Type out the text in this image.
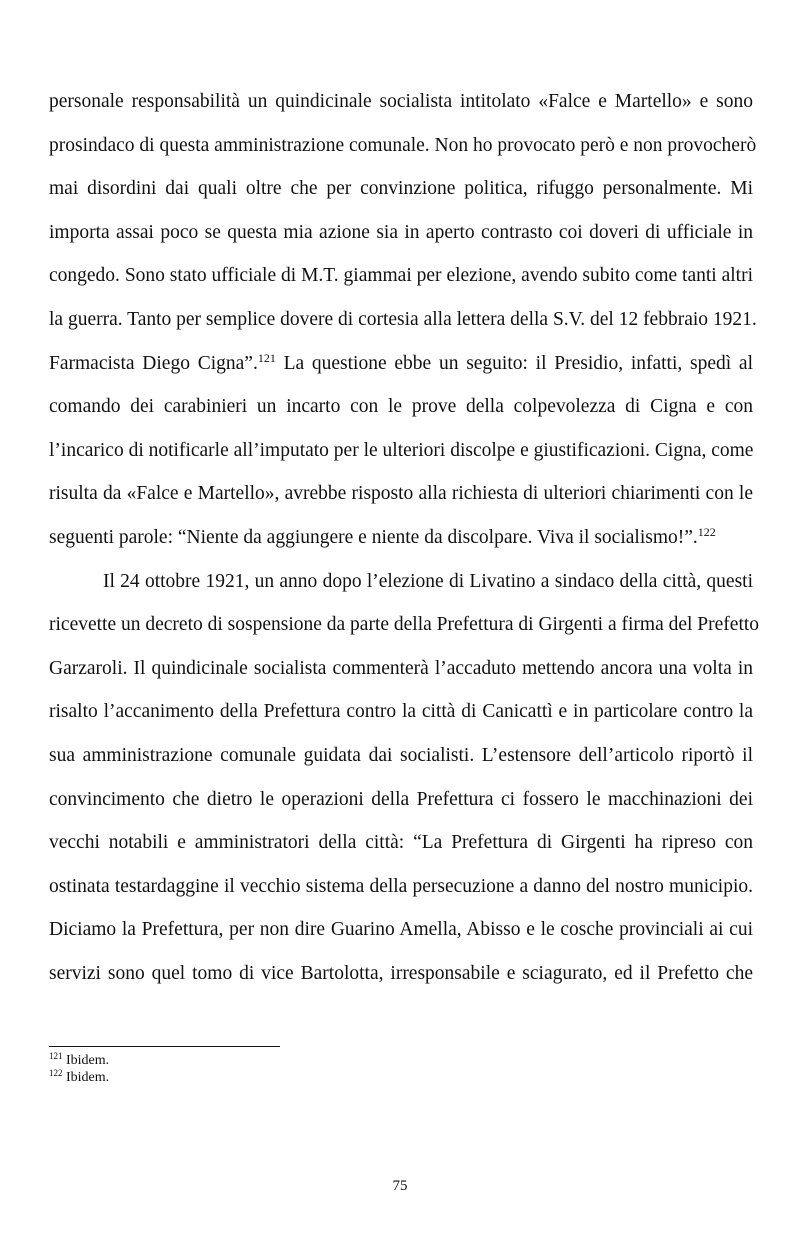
personale responsabilità un quindicinale socialista intitolato «Falce e Martello» e sono
prosindaco di questa amministrazione comunale. Non ho provocato però e non provocherò
mai disordini dai quali oltre che per convinzione politica, rifuggo personalmente. Mi
importa assai poco se questa mia azione sia in aperto contrasto coi doveri di ufficiale in
congedo. Sono stato ufficiale di M.T. giammai per elezione, avendo subito come tanti altri
la guerra. Tanto per semplice dovere di cortesia alla lettera della S.V. del 12 febbraio 1921.
Farmacista Diego Cigna”.$^{121}$ La questione ebbe un seguito: il Presidio, infatti, spedì al
comando dei carabinieri un incarto con le prove della colpevolezza di Cigna e con
l’incarico di notificarle all’imputato per le ulteriori discolpe e giustificazioni. Cigna, come
risulta da «Falce e Martello», avrebbe risposto alla richiesta di ulteriori chiarimenti con le
seguenti parole: “Niente da aggiungere e niente da discolpare. Viva il socialismo!”.$^{122}$
Il 24 ottobre 1921, un anno dopo l’elezione di Livatino a sindaco della città, questi
ricevette un decreto di sospensione da parte della Prefettura di Girgenti a firma del Prefetto
Garzaroli. Il quindicinale socialista commenterà l’accaduto mettendo ancora una volta in
risalto l’accanimento della Prefettura contro la città di Canicattì e in particolare contro la
sua amministrazione comunale guidata dai socialisti. L’estensore dell’articolo riportò il
convincimento che dietro le operazioni della Prefettura ci fossero le macchinazioni dei
vecchi notabili e amministratori della città: “La Prefettura di Girgenti ha ripreso con
ostinata testardaggine il vecchio sistema della persecuzione a danno del nostro municipio.
Diciamo la Prefettura, per non dire Guarino Amella, Abisso e le cosche provinciali ai cui
servizi sono quel tomo di vice Bartolotta, irresponsabile e sciagurato, ed il Prefetto che
$^{121}$ Ibidem.
$^{122}$ Ibidem.
75
